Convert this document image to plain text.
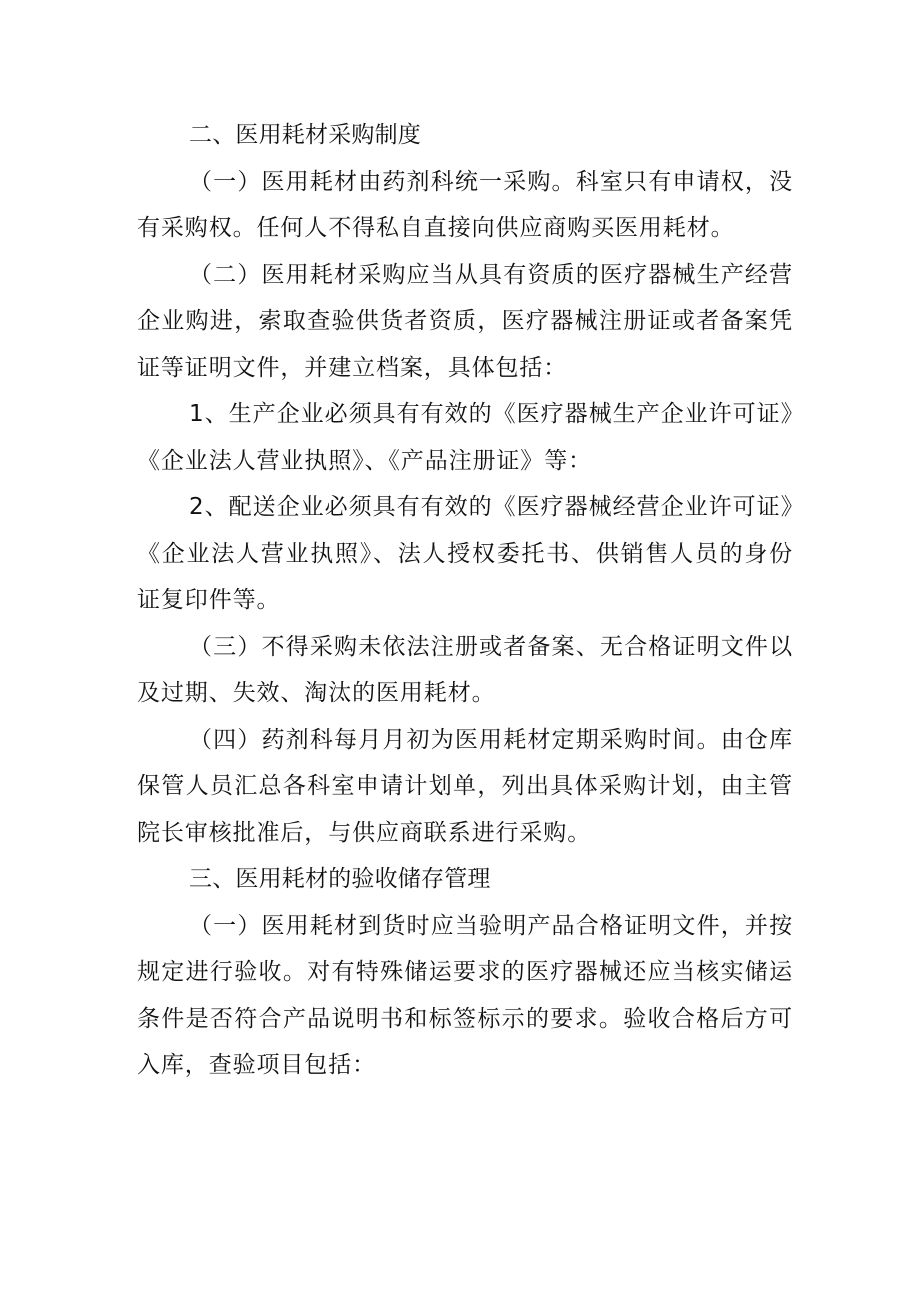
二、医用耗材采购制度

（一）医用耗材由药剂科统一采购。科室只有申请权，没有采购权。任何人不得私自直接向供应商购买医用耗材。

（二）医用耗材采购应当从具有资质的医疗器械生产经营企业购进，索取查验供货者资质，医疗器械注册证或者备案凭证等证明文件，并建立档案，具体包括：

1、生产企业必须具有有效的《医疗器械生产企业许可证》《企业法人营业执照》、《产品注册证》等：

2、配送企业必须具有有效的《医疗器械经营企业许可证》《企业法人营业执照》、法人授权委托书、供销售人员的身份证复印件等。

（三）不得采购未依法注册或者备案、无合格证明文件以及过期、失效、淘汰的医用耗材。

（四）药剂科每月月初为医用耗材定期采购时间。由仓库保管人员汇总各科室申请计划单，列出具体采购计划，由主管院长审核批准后，与供应商联系进行采购。

三、医用耗材的验收储存管理

（一）医用耗材到货时应当验明产品合格证明文件，并按规定进行验收。对有特殊储运要求的医疗器械还应当核实储运条件是否符合产品说明书和标签标示的要求。验收合格后方可入库，查验项目包括：
